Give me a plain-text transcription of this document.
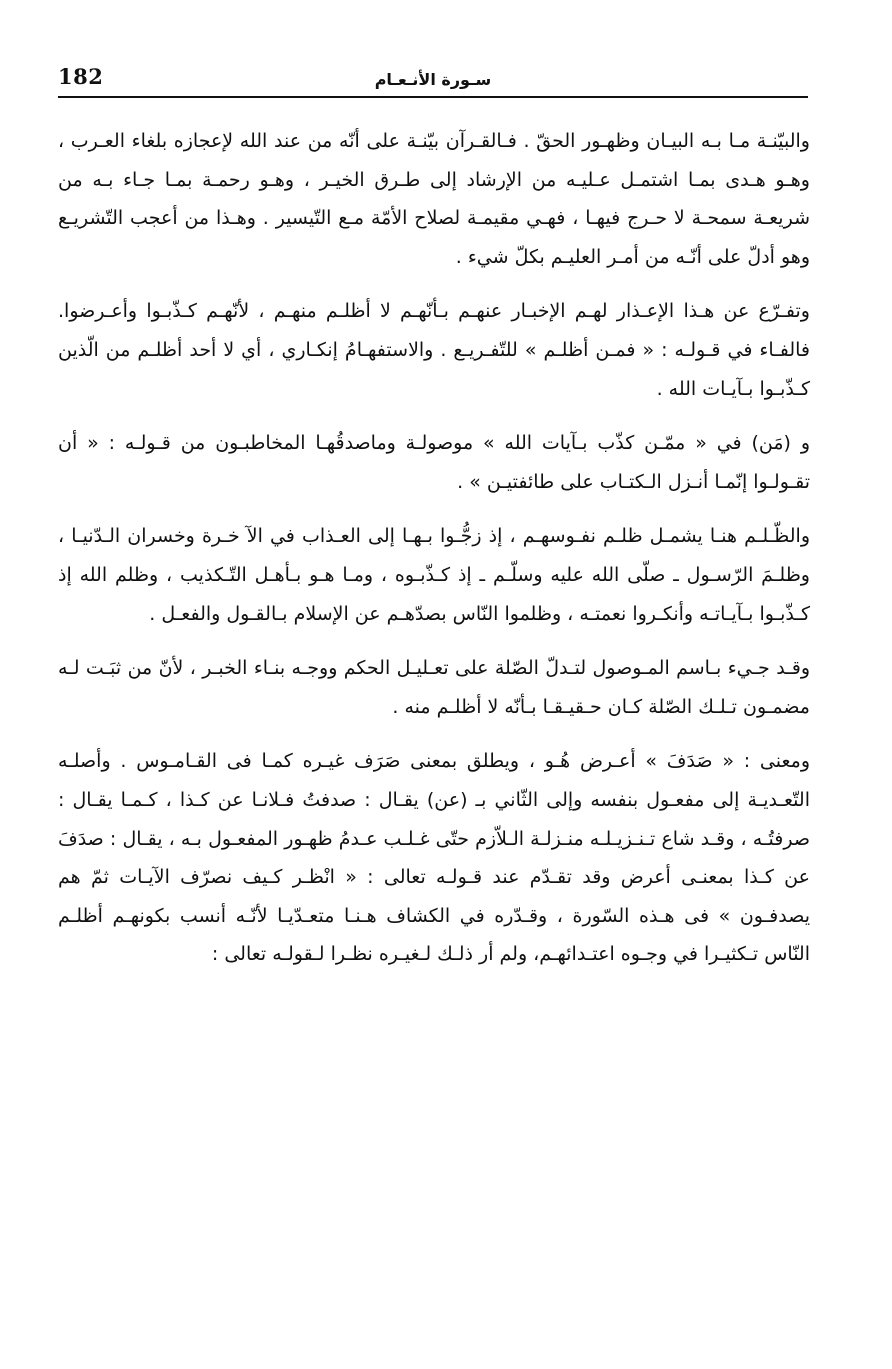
182	سـورة الأنـعـام

والبيّنـة مـا بـه البيـان وظهـور الحقّ . فـالقـرآن بيّنـة على أنّه من عند الله لإعجازه بلغاء العـرب ، وهـو هـدى بمـا اشتمـل عـليـه من الإرشاد إلى طـرق الخيـر ، وهـو رحمـة بمـا جـاء بـه من شريعـة سمحـة لا حـرج فيهـا ، فهـي مقيمـة لصلاح الأمّة مـع التّيسير . وهـذا من أعجب التّشريـع وهو أدلّ على أنّـه من أمـر العليـم بكلّ شيء .

وتفـرّع عن هـذا الإعـذار لهـم الإخبـار عنهـم بـأنّهـم لا أظلـم منهـم ، لأنّهـم كـذّبـوا وأعـرضوا. فالفـاء في قـولـه : « فمـن أظلـم » للتّفـريـع . والاستفهـامُ إنكـاري ، أي لا أحد أظلـم من الّذين كـذّبـوا بـآيـات الله .

و (مَن) في « ممّـن كذّب بـآيات الله » موصولـة وماصدقُهـا المخاطبـون من قـولـه : « أن تقـولـوا إنّمـا أنـزل الـكتـاب على طائفتيـن » .

والظّـلـم هنـا يشمـل ظلـم نفـوسهـم ، إذ زجُّـوا بـهـا إلى العـذاب في الآ خـرة وخسران الـدّنيـا ، وظلـمَ الرّسـول ـ صلّى الله عليه وسلّـم ـ إذ كـذّبـوه ، ومـا هـو بـأهـل التّـكذيب ، وظلم الله إذ كـذّبـوا بـآيـاتـه وأنكـروا نعمتـه ، وظلموا النّاس بصدّهـم عن الإسلام بـالقـول والفعـل .

وقـد جـيء بـاسم المـوصول لتـدلّ الصّلة على تعـليـل الحكم ووجـه بنـاء الخبـر ، لأنّ من ثبَـت لـه مضمـون تـلـك الصّلة كـان حـقيـقـا بـأنّه لا أظلـم منه .

ومعنى : « صَدَفَ » أعـرض هُـو ، ويطلق بمعنى صَرَف غيـره كمـا فى القـامـوس . وأصلـه التّعـديـة إلى مفعـول بنفسه وإلى الثّاني بـ (عن) يقـال : صدفتُ فـلانـا عن كـذا ، كـمـا يقـال : صرفتُـه ، وقـد شاع تـنـزيـلـه منـزلـة الـلاّزم حتّى غـلـب عـدمُ ظهـور المفعـول بـه ، يقـال : صدَفَ عن كـذا بمعنـى أعرض وقد تقـدّم عند قـولـه تعالى : « انْظـر كـيف نصرّف الآيـات ثمّ هم يصدفـون » فى هـذه السّورة ، وقـدّره في الكشاف هـنـا متعـدّيـا لأنّـه أنسب بكونهـم أظلـم النّاس تـكثيـرا في وجـوه اعتـدائهـم، ولم أر ذلـك لـغيـره نظـرا لـقولـه تعالى :
